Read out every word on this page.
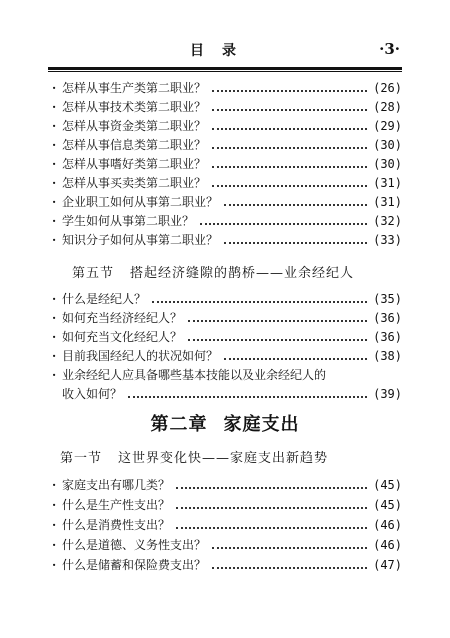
目录	·3·
· 怎样从事生产类第二职业？	(26)
· 怎样从事技术类第二职业？	(28)
· 怎样从事资金类第二职业？	(29)
· 怎样从事信息类第二职业？	(30)
· 怎样从事嗜好类第二职业？	(30)
· 怎样从事买卖类第二职业？	(31)
· 企业职工如何从事第二职业？	(31)
· 学生如何从事第二职业？	(32)
· 知识分子如何从事第二职业？	(33)
第五节 搭起经济缝隙的鹊桥——业余经纪人
· 什么是经纪人？	(35)
· 如何充当经济经纪人？	(36)
· 如何充当文化经纪人？	(36)
· 目前我国经纪人的状况如何？	(38)
· 业余经纪人应具备哪些基本技能以及业余经纪人的
收入如何？	(39)
第二章 家庭支出
第一节 这世界变化快——家庭支出新趋势
· 家庭支出有哪几类？	(45)
· 什么是生产性支出？	(45)
· 什么是消费性支出？	(46)
· 什么是道德、义务性支出？	(46)
· 什么是储蓄和保险费支出？	(47)
